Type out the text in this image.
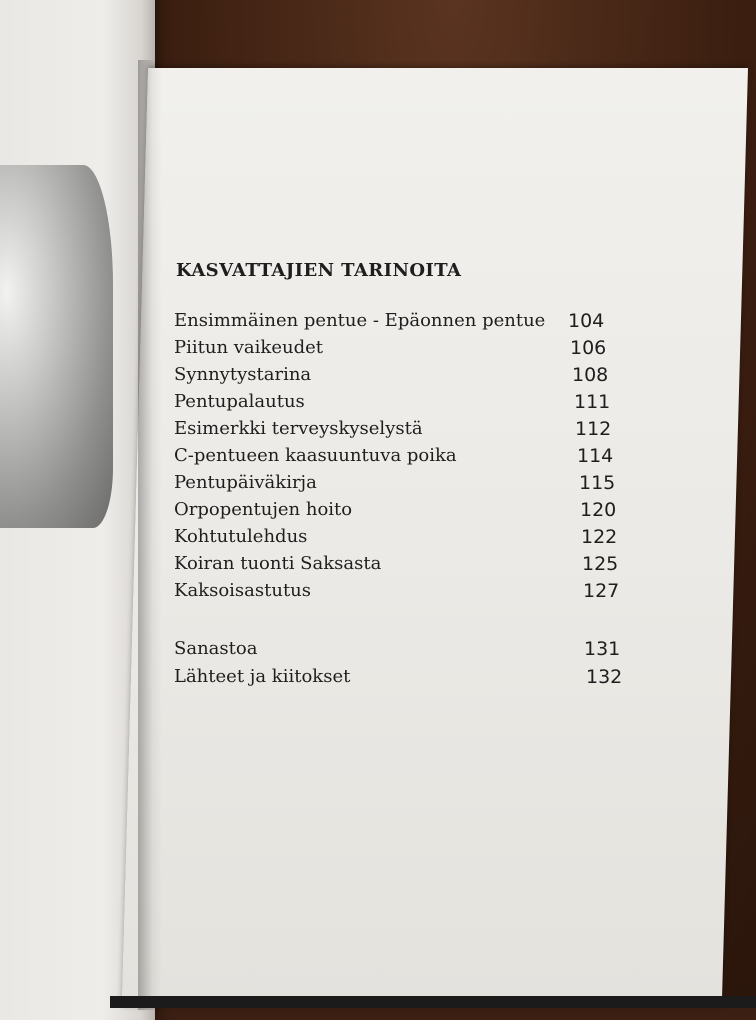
KASVATTAJIEN TARINOITA
Ensimmäinen pentue - Epäonnen pentue 104
Piitun vaikeudet	106
Synnytystarina	108
Pentupalautus	111
Esimerkki terveyskyselystä	112
C-pentueen kaasuuntuva poika	114
Pentupäiväkirja	115
Orpopentujen hoito	120
Kohtutulehdus	122
Koiran tuonti Saksasta	125
Kaksoisastutus	127
Sanastoa	131
Lähteet ja kiitokset	132
